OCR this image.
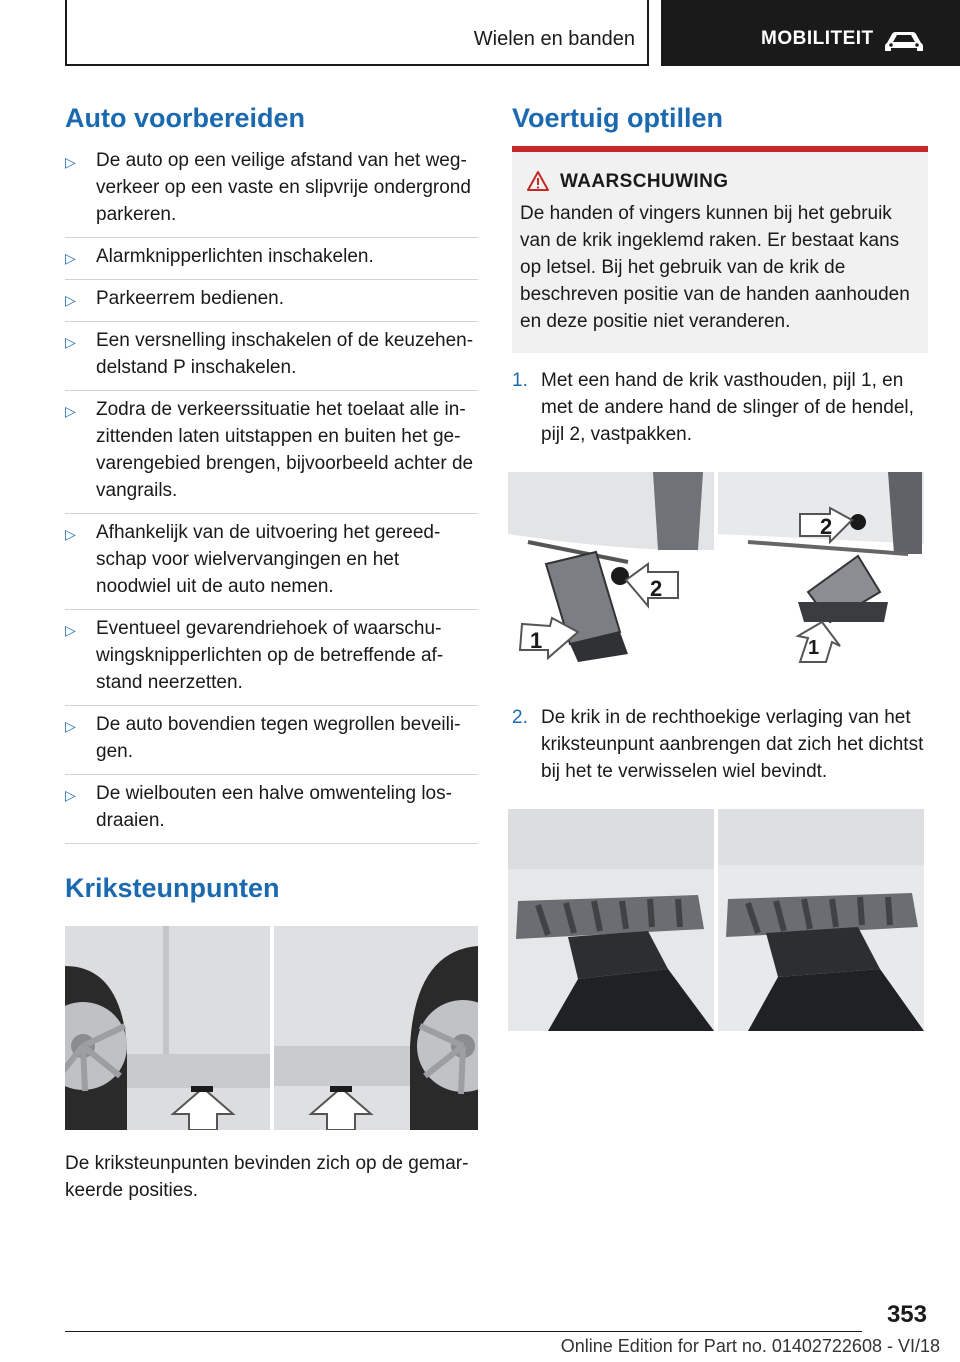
Wielen en banden	MOBILITEIT
Auto voorbereiden
▷ De auto op een veilige afstand van het wegverkeer op een vaste en slipvrije ondergrond parkeren.
▷ Alarmknipperlichten inschakelen.
▷ Parkeerrem bedienen.
▷ Een versnelling inschakelen of de keuzehendelstand P inschakelen.
▷ Zodra de verkeerssituatie het toelaat alle inzittenden laten uitstappen en buiten het gevarengebied brengen, bijvoorbeeld achter de vangrails.
▷ Afhankelijk van de uitvoering het gereedschap voor wielvervangingen en het noodwiel uit de auto nemen.
▷ Eventueel gevarendriehoek of waarschuwingsknipperlichten op de betreffende afstand neerzetten.
▷ De auto bovendien tegen wegrollen beveiligen.
▷ De wielbouten een halve omwenteling losdraaien.
Kriksteunpunten

De kriksteunpunten bevinden zich op de gemarkeerde posities.

Voertuig optillen
WAARSCHUWING
De handen of vingers kunnen bij het gebruik van de krik ingeklemd raken. Er bestaat kans op letsel. Bij het gebruik van de krik de beschreven positie van de handen aanhouden en deze positie niet veranderen.
1. Met een hand de krik vasthouden, pijl 1, en met de andere hand de slinger of de hendel, pijl 2, vastpakken.
2
1
2
1
2. De krik in de rechthoekige verlaging van het kriksteunpunt aanbrengen dat zich het dichtst bij het te verwisselen wiel bevindt.
353
Online Edition for Part no. 01402722608 - VI/18
